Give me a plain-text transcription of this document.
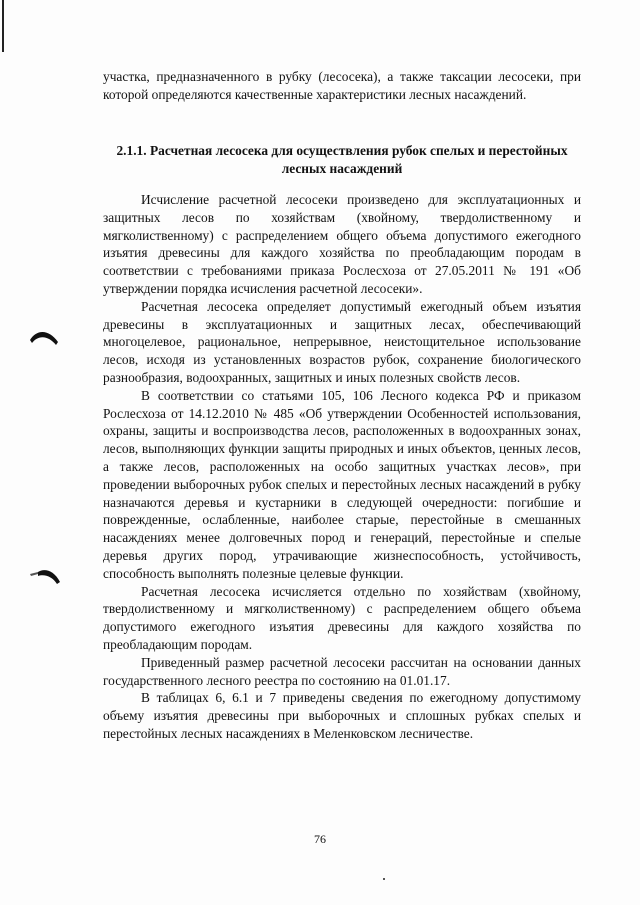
участка, предназначенного в рубку (лесосека), а также таксации лесосеки, при которой определяются качественные характеристики лесных насаждений.

2.1.1. Расчетная лесосека для осуществления рубок спелых и перестойных лесных насаждений

Исчисление расчетной лесосеки произведено для эксплуатационных и защитных лесов по хозяйствам (хвойному, твердолиственному и мягколиственному) с распределением общего объема допустимого ежегодного изъятия древесины для каждого хозяйства по преобладающим породам в соответствии с требованиями приказа Рослесхоза от 27.05.2011 № 191 «Об утверждении порядка исчисления расчетной лесосеки».

Расчетная лесосека определяет допустимый ежегодный объем изъятия древесины в эксплуатационных и защитных лесах, обеспечивающий многоцелевое, рациональное, непрерывное, неистощительное использование лесов, исходя из установленных возрастов рубок, сохранение биологического разнообразия, водоохранных, защитных и иных полезных свойств лесов.

В соответствии со статьями 105, 106 Лесного кодекса РФ и приказом Рослесхоза от 14.12.2010 № 485 «Об утверждении Особенностей использования, охраны, защиты и воспроизводства лесов, расположенных в водоохранных зонах, лесов, выполняющих функции защиты природных и иных объектов, ценных лесов, а также лесов, расположенных на особо защитных участках лесов», при проведении выборочных рубок спелых и перестойных лесных насаждений в рубку назначаются деревья и кустарники в следующей очередности: погибшие и поврежденные, ослабленные, наиболее старые, перестойные в смешанных насаждениях менее долговечных пород и генераций, перестойные и спелые деревья других пород, утрачивающие жизнеспособность, устойчивость, способность выполнять полезные целевые функции.

Расчетная лесосека исчисляется отдельно по хозяйствам (хвойному, твердолиственному и мягколиственному) с распределением общего объема допустимого ежегодного изъятия древесины для каждого хозяйства по преобладающим породам.

Приведенный размер расчетной лесосеки рассчитан на основании данных государственного лесного реестра по состоянию на 01.01.17.

В таблицах 6, 6.1 и 7 приведены сведения по ежегодному допустимому объему изъятия древесины при выборочных и сплошных рубках спелых и перестойных лесных насаждениях в Меленковском лесничестве.

76
